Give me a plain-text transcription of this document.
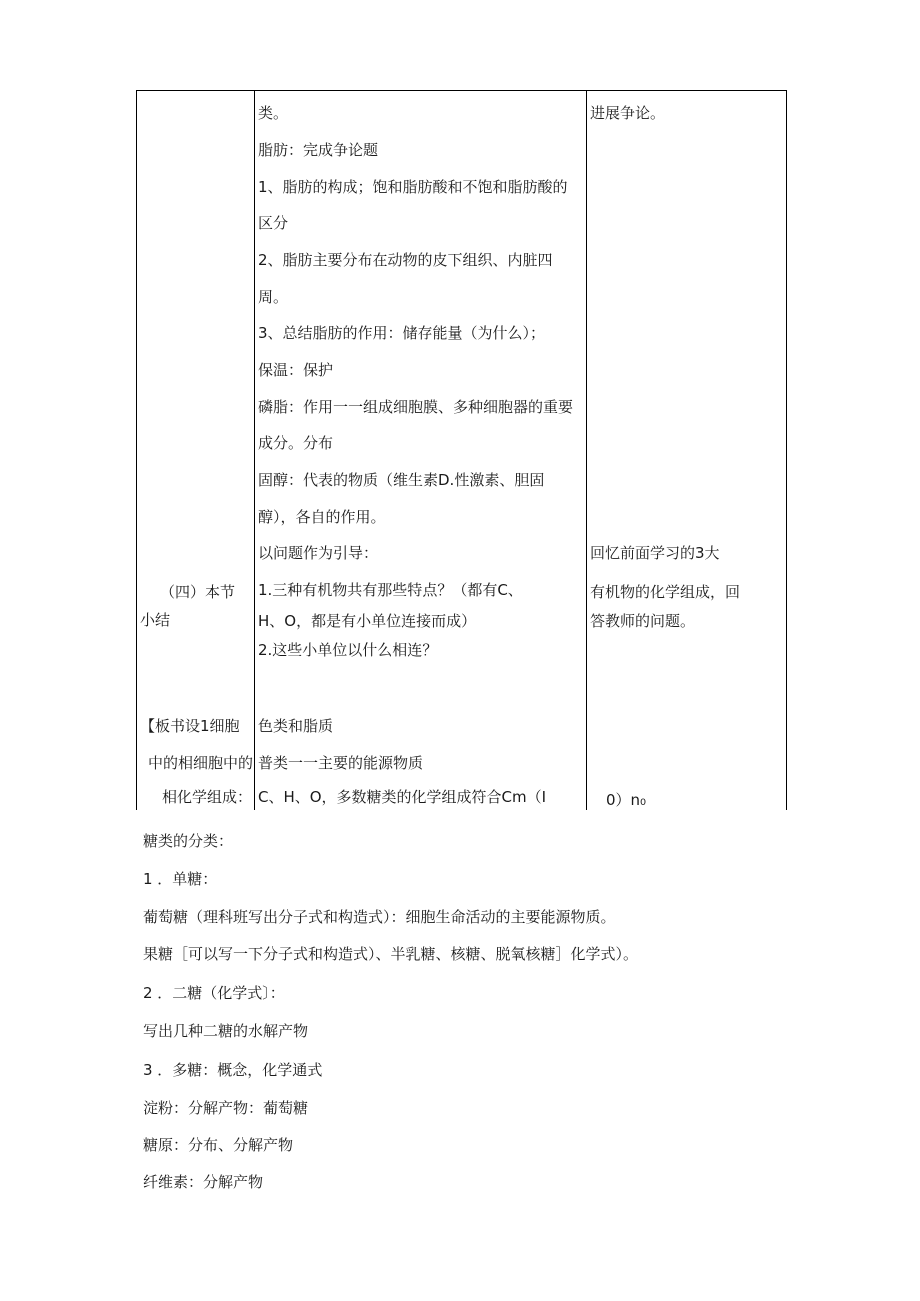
类。
脂肪：完成争论题
1、脂肪的构成；饱和脂肪酸和不饱和脂肪酸的
区分
2、脂肪主要分布在动物的皮下组织、内脏四
周。
3、总结脂肪的作用：储存能量（为什么）；
保温：保护
磷脂：作用一一组成细胞膜、多种细胞器的重要
成分。分布
固醇：代表的物质（维生素D.性激素、胆固
醇），各自的作用。
以问题作为引导：
1.三种有机物共有那些特点？（都有C、
H、O，都是有小单位连接而成）
2.这些小单位以什么相连？
色类和脂质
普类一一主要的能源物质
C、H、O，多数糖类的化学组成符合Cm（I
（四）本节
小结
【板书设1细胞
中的相细胞中的
相化学组成：
进展争论。
回忆前面学习的3大
有机物的化学组成，回
答教师的问题。
0）n₀
糖类的分类：
1 ．单糖：
葡萄糖（理科班写出分子式和构造式）：细胞生命活动的主要能源物质。
果糖［可以写一下分子式和构造式）、半乳糖、核糖、脱氧核糖］化学式）。
2 ．二糖（化学式〕：
写出几种二糖的水解产物
3 ．多糖：概念，化学通式
淀粉：分解产物：葡萄糖
糖原：分布、分解产物
纤维素：分解产物
